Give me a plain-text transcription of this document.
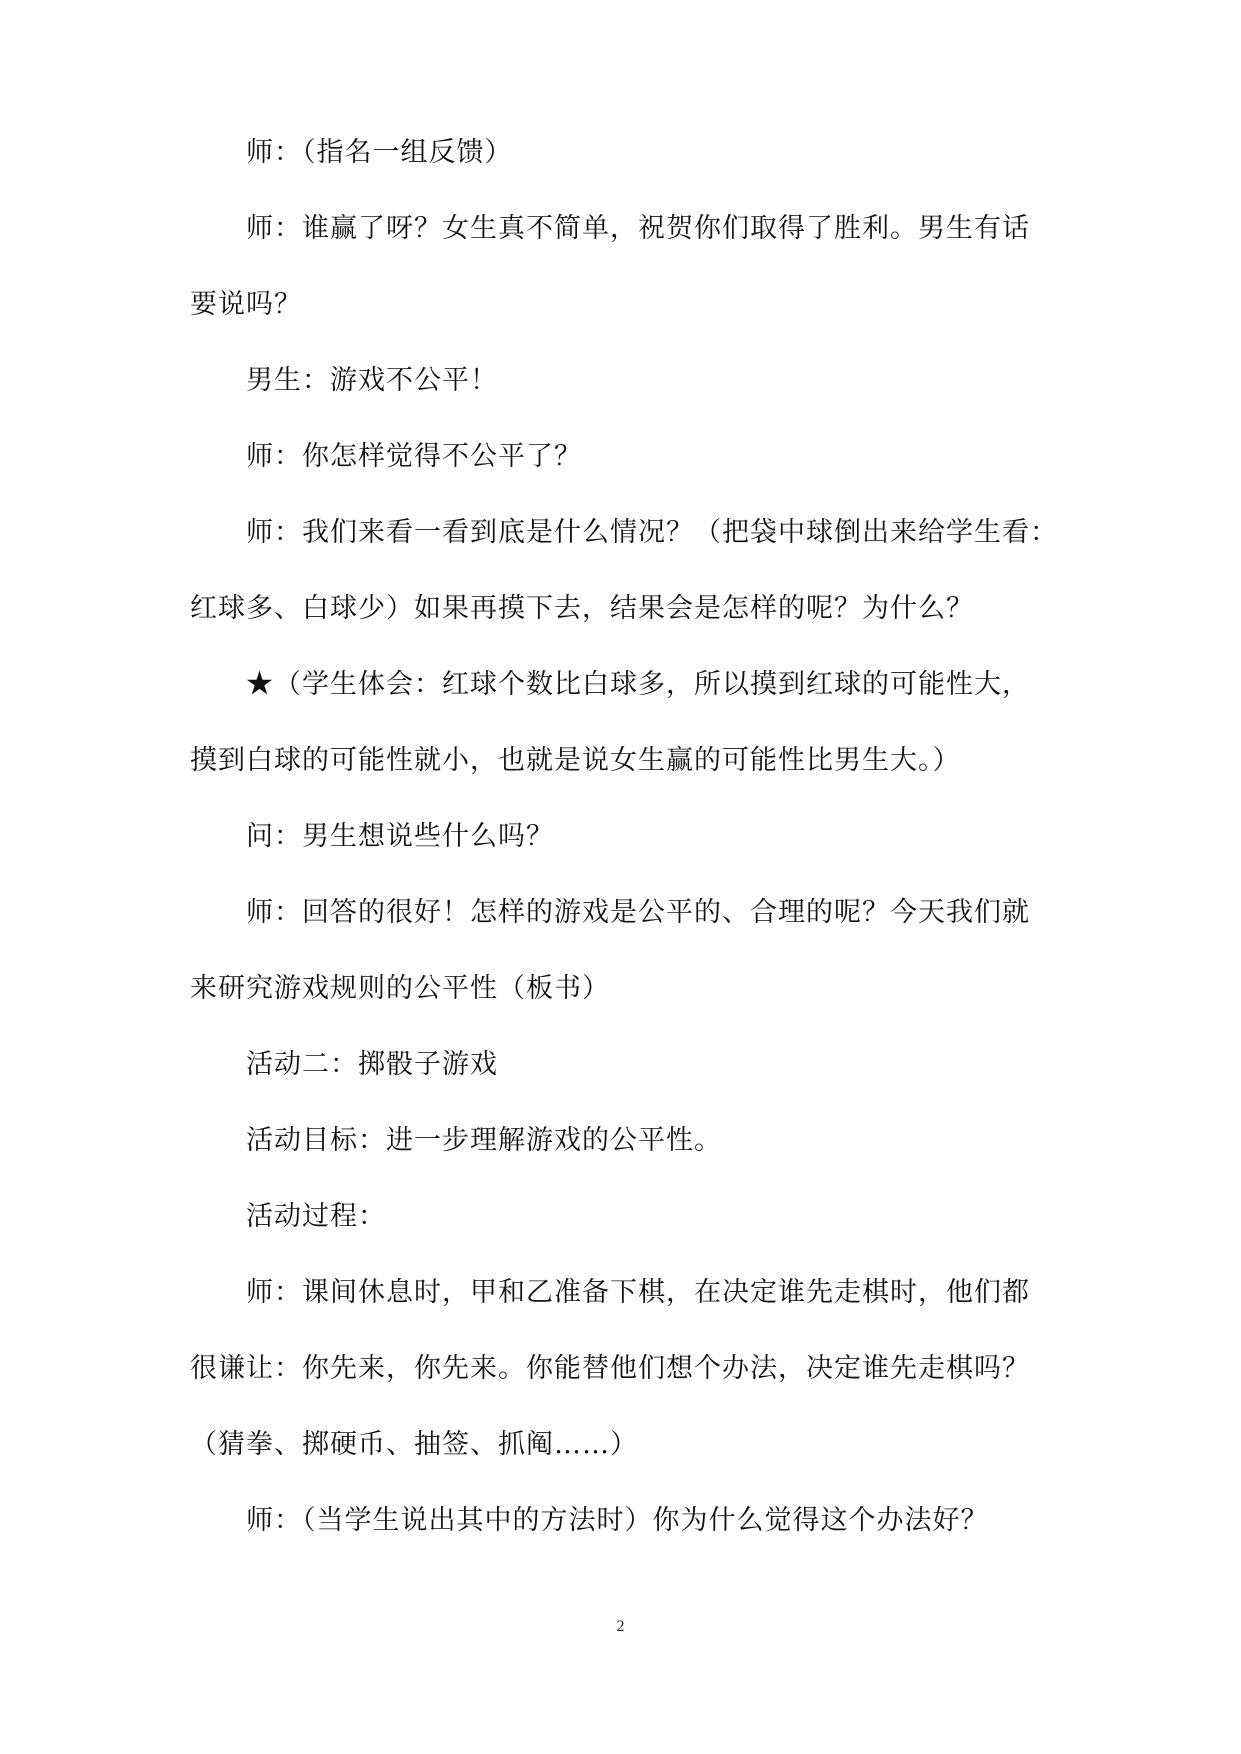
师：（指名一组反馈）
师：谁赢了呀？女生真不简单，祝贺你们取得了胜利。男生有话
要说吗？
男生：游戏不公平！
师：你怎样觉得不公平了？
师：我们来看一看到底是什么情况？（把袋中球倒出来给学生看：
红球多、白球少）如果再摸下去，结果会是怎样的呢？为什么？
★（学生体会：红球个数比白球多，所以摸到红球的可能性大，
摸到白球的可能性就小，也就是说女生赢的可能性比男生大。）
问：男生想说些什么吗？
师：回答的很好！怎样的游戏是公平的、合理的呢？今天我们就
来研究游戏规则的公平性（板书）
活动二：掷骰子游戏
活动目标：进一步理解游戏的公平性。
活动过程：
师：课间休息时，甲和乙准备下棋，在决定谁先走棋时，他们都
很谦让：你先来，你先来。你能替他们想个办法，决定谁先走棋吗？
（猜拳、掷硬币、抽签、抓阄……）
师：（当学生说出其中的方法时）你为什么觉得这个办法好？
2
